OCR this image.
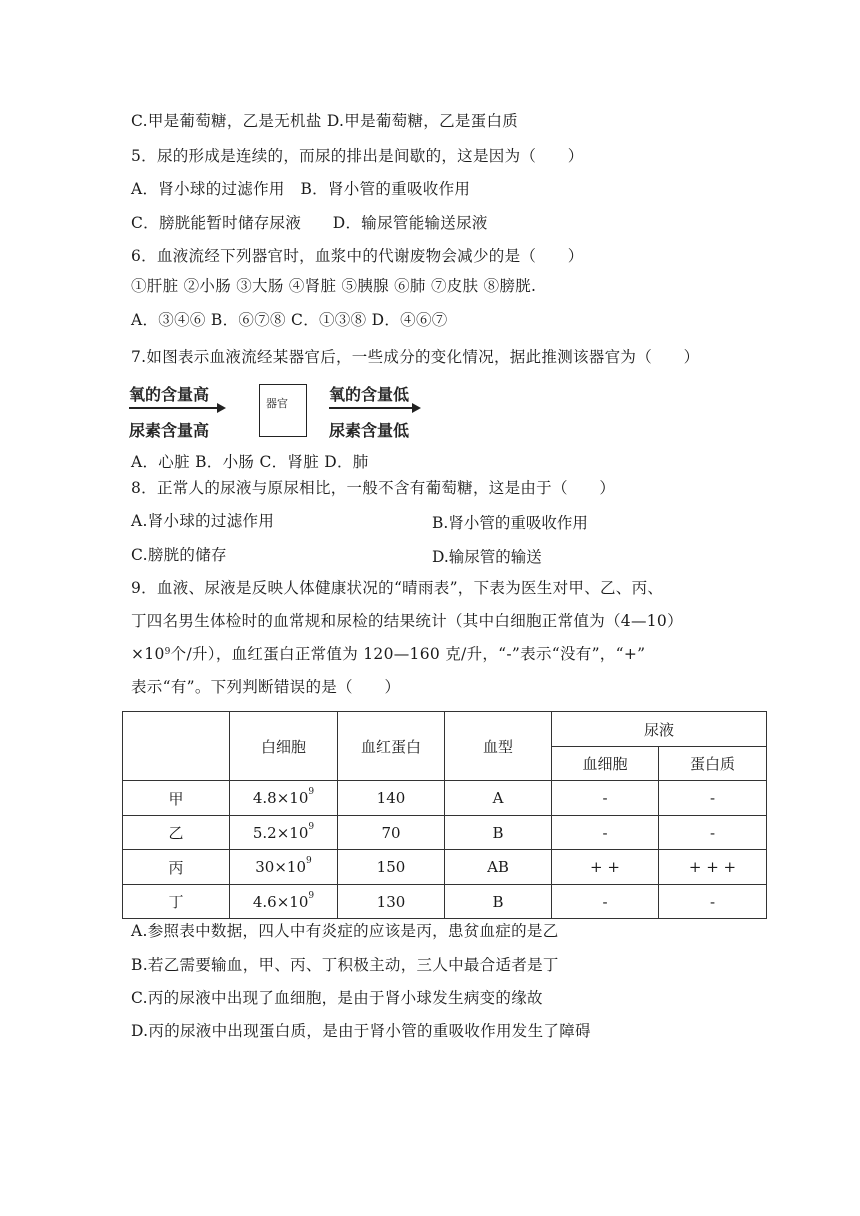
C.甲是葡萄糖，乙是无机盐 D.甲是葡萄糖，乙是蛋白质
5．尿的形成是连续的，而尿的排出是间歇的，这是因为（　　）
A．肾小球的过滤作用　B．肾小管的重吸收作用
C．膀胱能暂时储存尿液　　D．输尿管能输送尿液
6．血液流经下列器官时，血浆中的代谢废物会减少的是（　　）
①肝脏 ②小肠 ③大肠 ④肾脏 ⑤胰腺 ⑥肺 ⑦皮肤 ⑧膀胱.
A．③④⑥ B．⑥⑦⑧ C．①③⑧ D．④⑥⑦
7.如图表示血液流经某器官后，一些成分的变化情况，据此推测该器官为（　　）
氧的含量高
尿素含量高
器官	氧的含量低
尿素含量低
A．心脏 B．小肠 C．肾脏 D．肺
8．正常人的尿液与原尿相比，一般不含有葡萄糖，这是由于（　　）
A.肾小球的过滤作用	B.肾小管的重吸收作用
C.膀胱的储存	D.输尿管的输送
9．血液、尿液是反映人体健康状况的“晴雨表”，下表为医生对甲、乙、丙、
丁四名男生体检时的血常规和尿检的结果统计（其中白细胞正常值为（4—10）
$\times 10^9$个/升），血红蛋白正常值为 120—160 克/升，“-”表示“没有”，“+”
表示“有”。下列判断错误的是（　　）
	白细胞	血红蛋白	血型	尿液	
				血细胞	蛋白质
甲	$4.8\times 10^9$	140	A	-	-
乙	$5.2\times 10^9$	70	B	-	-
丙	$30\times 10^9$	150	AB	+ +	+ + +
丁	$4.6\times 10^9$	130	B	-	-
A.参照表中数据，四人中有炎症的应该是丙，患贫血症的是乙
B.若乙需要输血，甲、丙、丁积极主动，三人中最合适者是丁
C.丙的尿液中出现了血细胞，是由于肾小球发生病变的缘故
D.丙的尿液中出现蛋白质，是由于肾小管的重吸收作用发生了障碍
